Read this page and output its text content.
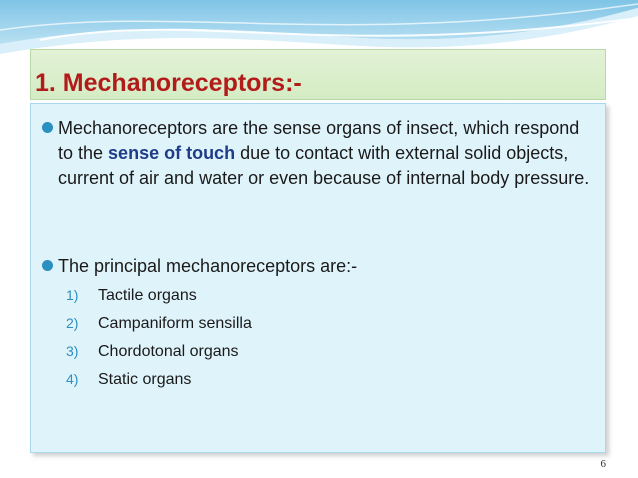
1. Mechanoreceptors:-
Mechanoreceptors are the sense organs of insect, which respond to the sense of touch due to contact with external solid objects, current of air and water or even because of internal body pressure.
The principal mechanoreceptors are:-
1) Tactile organs
2) Campaniform sensilla
3) Chordotonal organs
4) Static organs
6
